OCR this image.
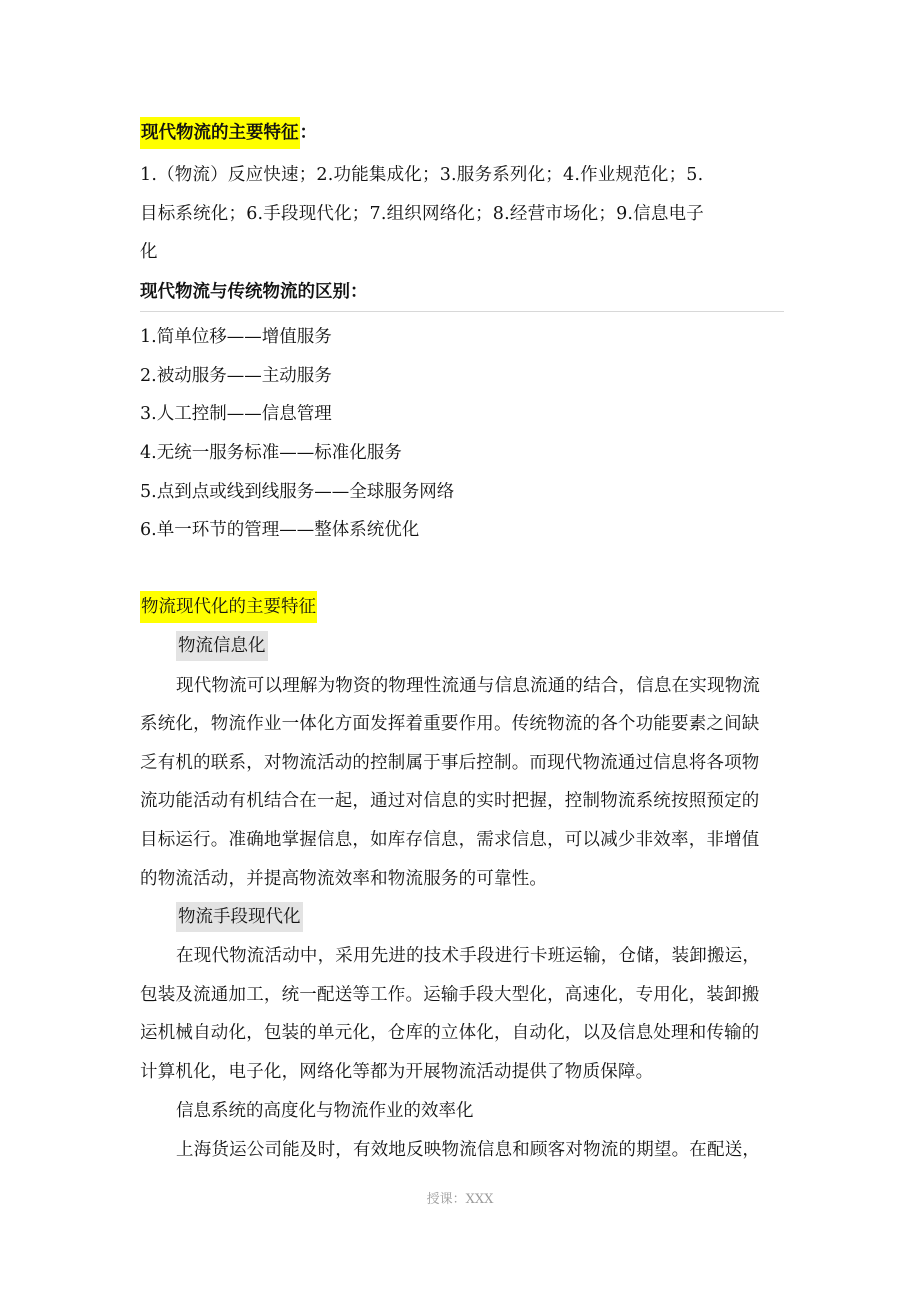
现代物流的主要特征：
1.（物流）反应快速；2.功能集成化；3.服务系列化；4.作业规范化；5.
目标系统化；6.手段现代化；7.组织网络化；8.经营市场化；9.信息电子
化
现代物流与传统物流的区别：
1.简单位移——增值服务
2.被动服务——主动服务
3.人工控制——信息管理
4.无统一服务标准——标准化服务
5.点到点或线到线服务——全球服务网络
6.单一环节的管理——整体系统优化
物流现代化的主要特征
物流信息化
现代物流可以理解为物资的物理性流通与信息流通的结合，信息在实现物流
系统化，物流作业一体化方面发挥着重要作用。传统物流的各个功能要素之间缺
乏有机的联系，对物流活动的控制属于事后控制。而现代物流通过信息将各项物
流功能活动有机结合在一起，通过对信息的实时把握，控制物流系统按照预定的
目标运行。准确地掌握信息，如库存信息，需求信息，可以减少非效率，非增值
的物流活动，并提高物流效率和物流服务的可靠性。
物流手段现代化
在现代物流活动中，采用先进的技术手段进行卡班运输，仓储，装卸搬运，
包装及流通加工，统一配送等工作。运输手段大型化，高速化，专用化，装卸搬
运机械自动化，包装的单元化，仓库的立体化，自动化，以及信息处理和传输的
计算机化，电子化，网络化等都为开展物流活动提供了物质保障。
信息系统的高度化与物流作业的效率化
上海货运公司能及时，有效地反映物流信息和顾客对物流的期望。在配送，
授课：XXX
